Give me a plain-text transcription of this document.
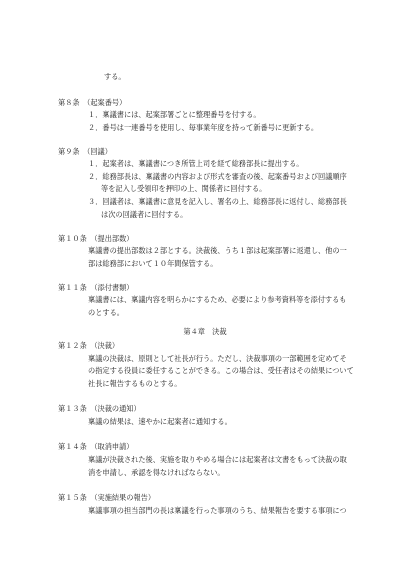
する。
第８条　（起案番号）
１．稟議書には、起案部署ごとに整理番号を付する。
２．番号は一連番号を使用し、毎事業年度を持って新番号に更新する。
第９条　（回議）
１．起案者は、稟議書につき所管上司を経て総務部長に提出する。
２．総務部長は、稟議書の内容および形式を審査の後、起案番号および回議順序
等を記入し受領印を押印の上、関係者に回付する。
３．回議者は、稟議書に意見を記入し、署名の上、総務部長に返付し、総務部長
は次の回議者に回付する。
第１０条　（提出部数）
稟議書の提出部数は２部とする。決裁後、うち１部は起案部署に返還し、他の一
部は総務部において１０年間保管する。
第１１条　（添付書類）
稟議書には、稟議内容を明らかにするため、必要により参考資料等を添付するも
のとする。
第４章　決裁
第１２条　（決裁）
稟議の決裁は、原則として社長が行う。ただし、決裁事項の一部範囲を定めてそ
の指定する役員に委任することができる。この場合は、受任者はその結果について
社長に報告するものとする。
第１３条　（決裁の通知）
稟議の結果は、速やかに起案者に通知する。
第１４条　（取消申請）
稟議が決裁された後、実施を取りやめる場合には起案者は文書をもって決裁の取
消を申請し、承認を得なければならない。
第１５条　（実施結果の報告）
稟議事項の担当部門の長は稟議を行った事項のうち、結果報告を要する事項につ
